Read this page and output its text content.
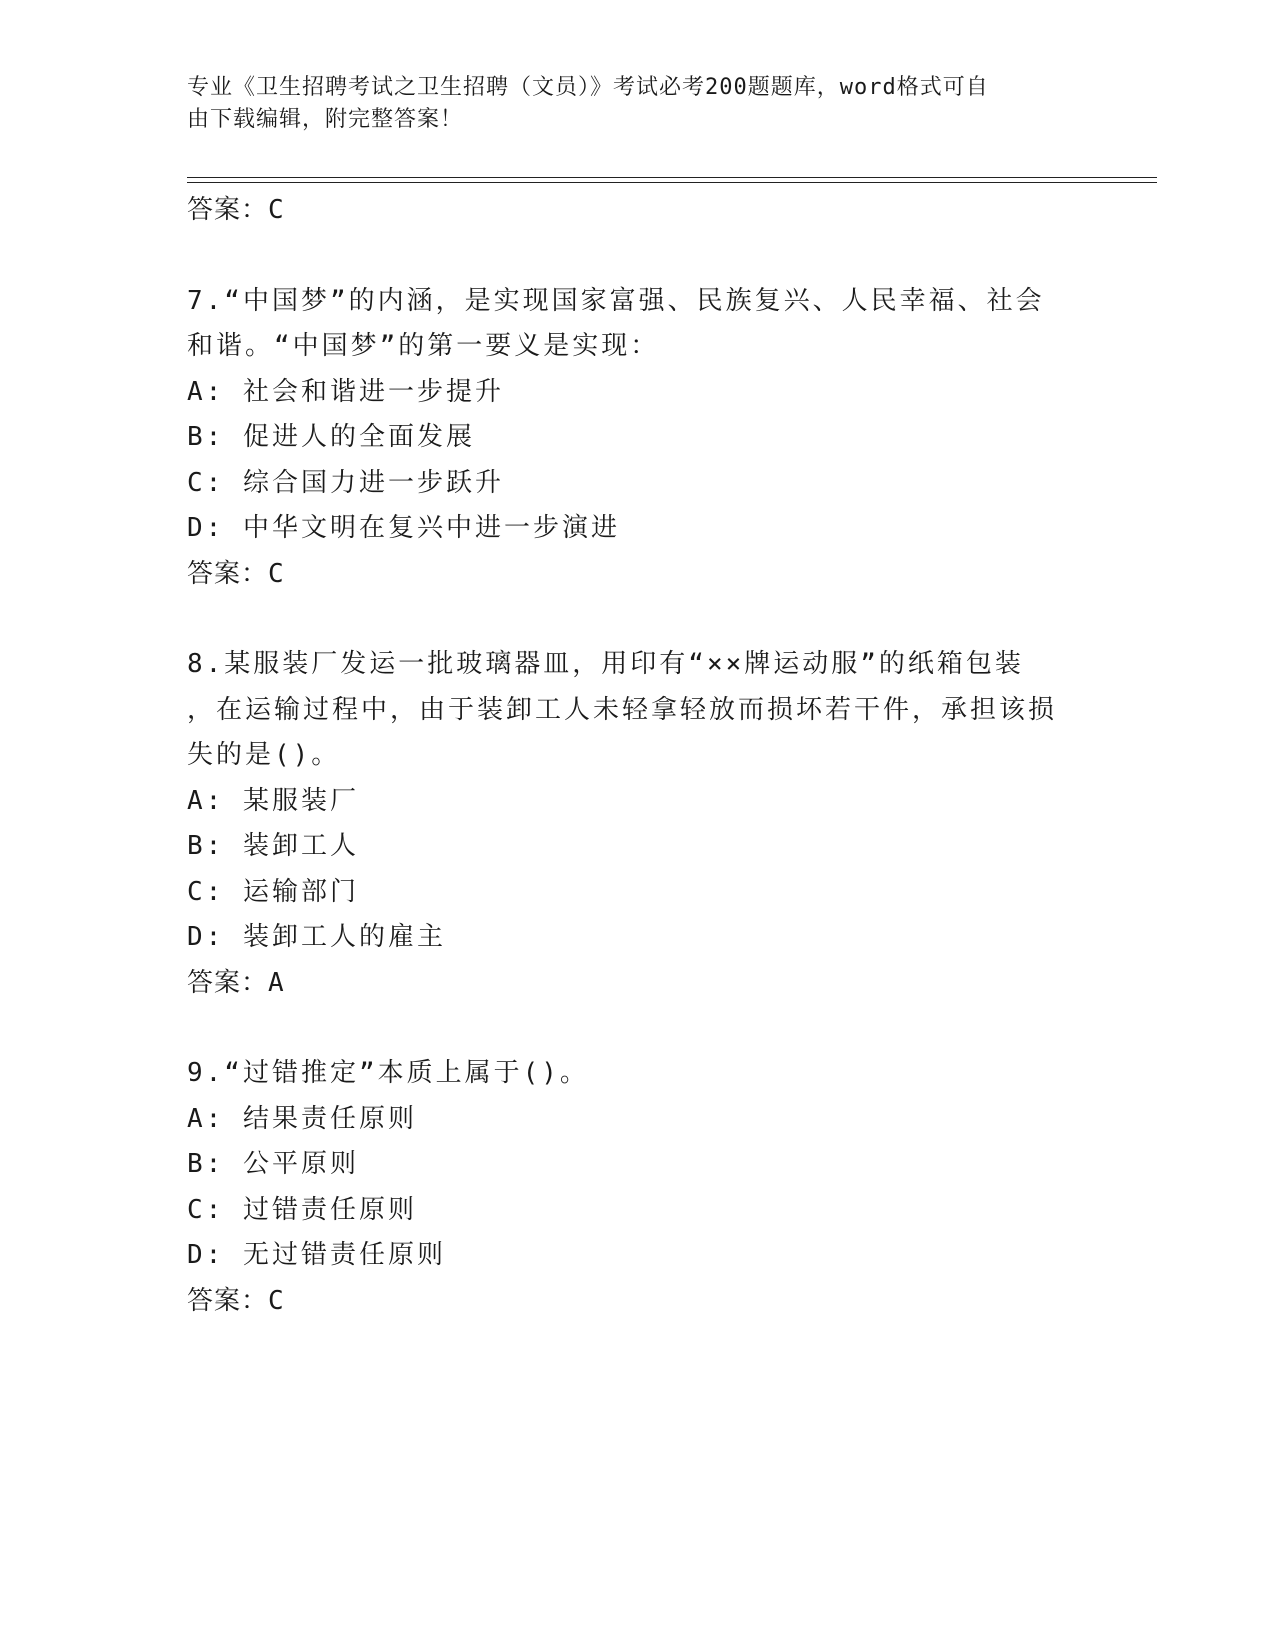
专业《卫生招聘考试之卫生招聘（文员）》考试必考200题题库，word格式可自
由下载编辑，附完整答案！
答案：C
7.“中国梦”的内涵，是实现国家富强、民族复兴、人民幸福、社会
和谐。“中国梦”的第一要义是实现：
A: 社会和谐进一步提升
B: 促进人的全面发展
C: 综合国力进一步跃升
D: 中华文明在复兴中进一步演进
答案：C
8.某服装厂发运一批玻璃器皿，用印有“××牌运动服”的纸箱包装
，在运输过程中，由于装卸工人未轻拿轻放而损坏若干件，承担该损
失的是()。
A: 某服装厂
B: 装卸工人
C: 运输部门
D: 装卸工人的雇主
答案：A
9.“过错推定”本质上属于()。
A: 结果责任原则
B: 公平原则
C: 过错责任原则
D: 无过错责任原则
答案：C
